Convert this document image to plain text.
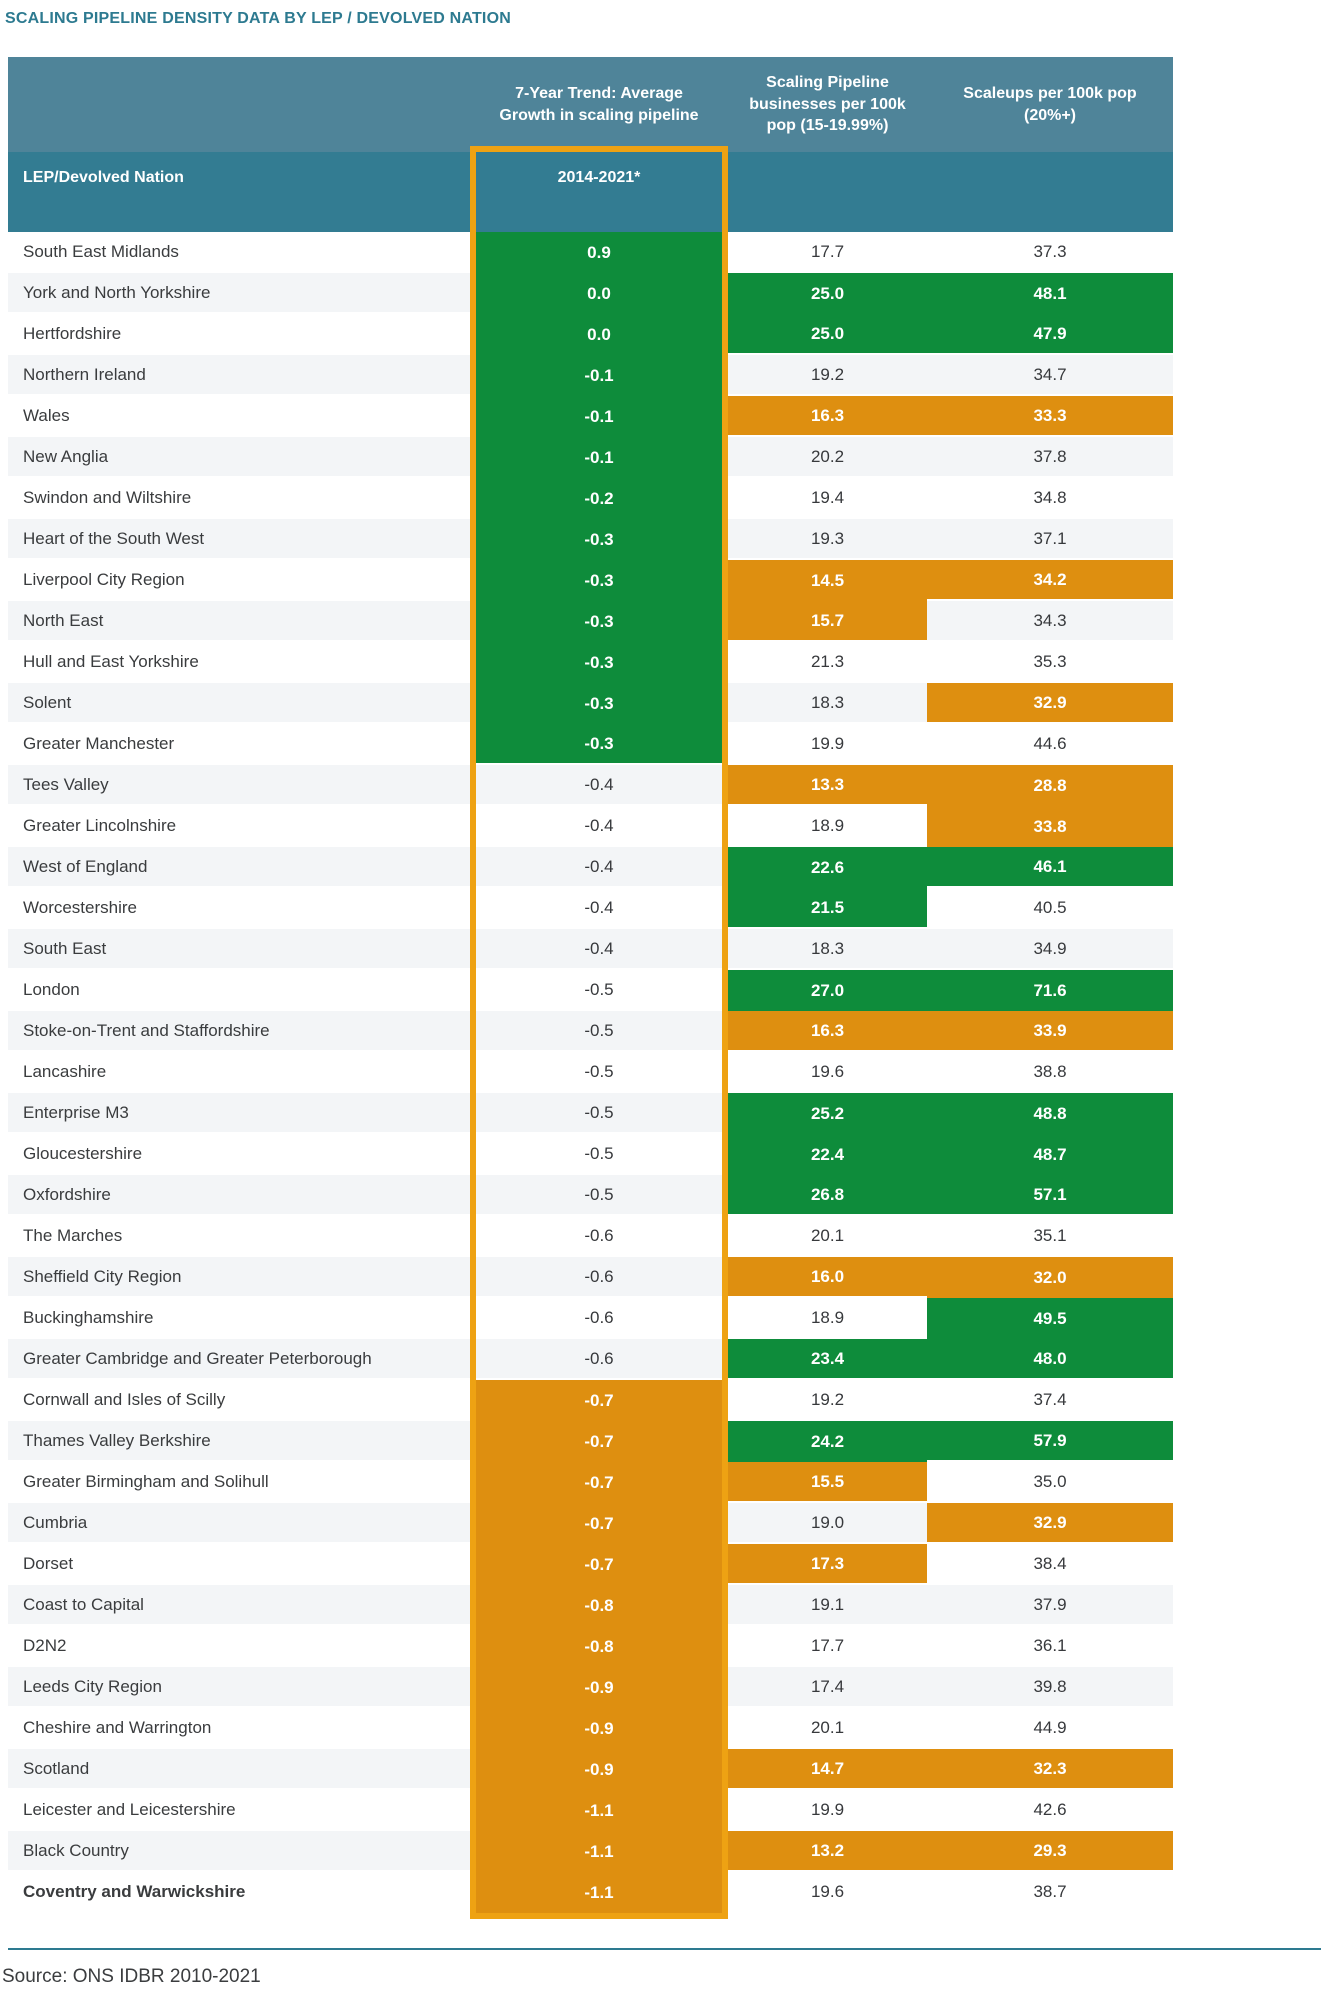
SCALING PIPELINE DENSITY DATA BY LEP / DEVOLVED NATION
7-Year Trend: Average Growth in scaling pipeline
Scaling Pipeline businesses per 100k pop (15-19.99%)
Scaleups per 100k pop (20%+)
LEP/Devolved Nation	2014-2021*
South East Midlands	0.9	17.7	37.3
York and North Yorkshire	0.0	25.0	48.1
Hertfordshire	0.0	25.0	47.9
Northern Ireland	-0.1	19.2	34.7
Wales	-0.1	16.3	33.3
New Anglia	-0.1	20.2	37.8
Swindon and Wiltshire	-0.2	19.4	34.8
Heart of the South West	-0.3	19.3	37.1
Liverpool City Region	-0.3	14.5	34.2
North East	-0.3	15.7	34.3
Hull and East Yorkshire	-0.3	21.3	35.3
Solent	-0.3	18.3	32.9
Greater Manchester	-0.3	19.9	44.6
Tees Valley	-0.4	13.3	28.8
Greater Lincolnshire	-0.4	18.9	33.8
West of England	-0.4	22.6	46.1
Worcestershire	-0.4	21.5	40.5
South East	-0.4	18.3	34.9
London	-0.5	27.0	71.6
Stoke-on-Trent and Staffordshire	-0.5	16.3	33.9
Lancashire	-0.5	19.6	38.8
Enterprise M3	-0.5	25.2	48.8
Gloucestershire	-0.5	22.4	48.7
Oxfordshire	-0.5	26.8	57.1
The Marches	-0.6	20.1	35.1
Sheffield City Region	-0.6	16.0	32.0
Buckinghamshire	-0.6	18.9	49.5
Greater Cambridge and Greater Peterborough	-0.6	23.4	48.0
Cornwall and Isles of Scilly	-0.7	19.2	37.4
Thames Valley Berkshire	-0.7	24.2	57.9
Greater Birmingham and Solihull	-0.7	15.5	35.0
Cumbria	-0.7	19.0	32.9
Dorset	-0.7	17.3	38.4
Coast to Capital	-0.8	19.1	37.9
D2N2	-0.8	17.7	36.1
Leeds City Region	-0.9	17.4	39.8
Cheshire and Warrington	-0.9	20.1	44.9
Scotland	-0.9	14.7	32.3
Leicester and Leicestershire	-1.1	19.9	42.6
Black Country	-1.1	13.2	29.3
Coventry and Warwickshire	-1.1	19.6	38.7
Source: ONS IDBR 2010-2021
